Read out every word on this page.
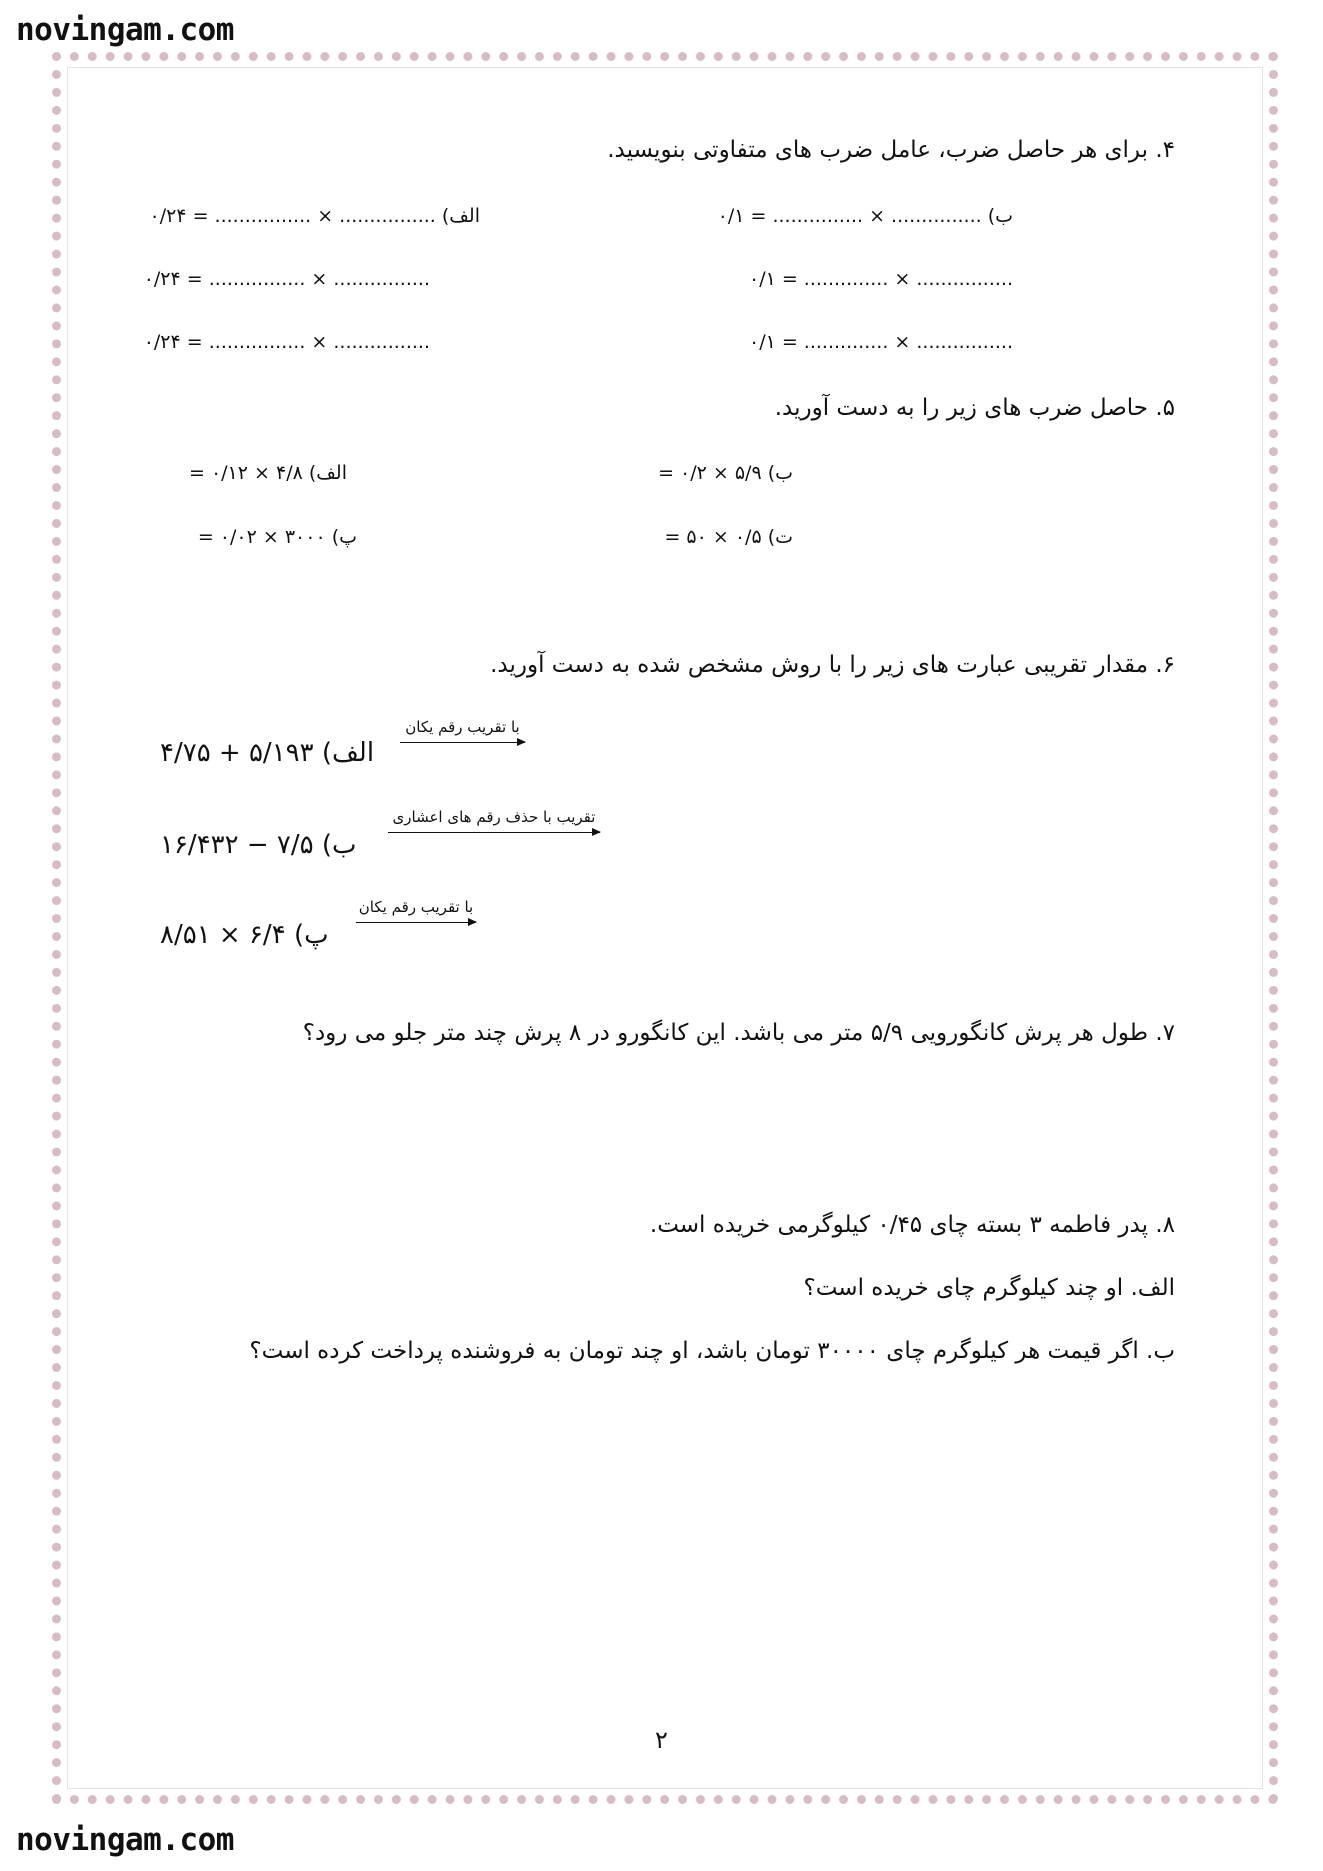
novingam.com
۴. برای هر حاصل ضرب، عامل ضرب های متفاوتی بنویسید.
الف) ................ × ................ = ۰/۲۴	ب) ............... × ............... = ۰/۱
................ × ................ = ۰/۲۴	................ × .............. = ۰/۱
................ × ................ = ۰/۲۴	................ × .............. = ۰/۱
۵. حاصل ضرب های زیر را به دست آورید.
الف) ۴/۸ × ۰/۱۲ =	ب) ۵/۹ × ۰/۲ =
پ) ۳۰۰۰ × ۰/۰۲ =	ت) ۰/۵ × ۵۰ =
۶. مقدار تقریبی عبارت های زیر را با روش مشخص شده به دست آورید.
۴/۷۵ + ۵/۱۹۳ الف)
با تقریب رقم یکان
۱۶/۴۳۲ − ۷/۵ ب)
تقریب با حذف رقم های اعشاری
۸/۵۱ × ۶/۴ پ)
با تقریب رقم یکان
۷. طول هر پرش کانگورویی ۵/۹ متر می باشد. این کانگورو در ۸ پرش چند متر جلو می رود؟
۸. پدر فاطمه ۳ بسته چای ۰/۴۵ کیلوگرمی خریده است.
الف. او چند کیلوگرم چای خریده است؟
ب. اگر قیمت هر کیلوگرم چای ۳۰۰۰۰ تومان باشد، او چند تومان به فروشنده پرداخت کرده است؟
۲
novingam.com
